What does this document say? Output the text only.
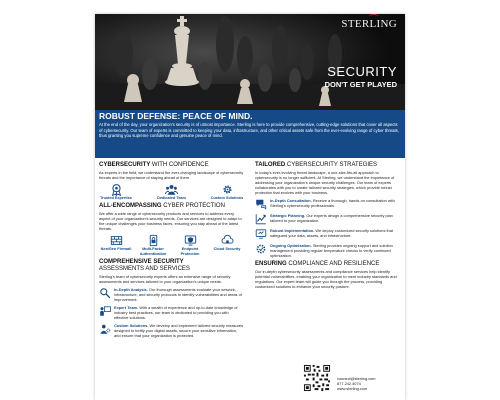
STERLING
SECURITY
DON'T GET PLAYED
ROBUST DEFENSE: PEACE OF MIND.
At the end of the day, your organization's security is of utmost importance. Sterling is here to provide comprehensive, cutting-edge solutions that cover all aspects of cybersecurity. Our team of experts is committed to keeping your data, infrastructure, and other critical assets safe from the ever-evolving range of cyber threats, thus granting you supreme confidence and genuine peace of mind.
CYBERSECURITY WITH CONFIDENCE
As experts in the field, we understand the ever-changing landscape of cybersecurity threats and the importance of staying ahead of them.
Trusted Expertise	Dedicated Team	Custom Solutions
ALL-ENCOMPASSING CYBER PROTECTION
We offer a wide range of cybersecurity products and services to address every aspect of your organization's security needs. Our services are designed to adapt to the unique challenges your business faces, ensuring you stay ahead of the latest threats.
NextGen Firewall	Multi-Factor Authentication
Endpoint Protection
Cloud Security
COMPREHENSIVE SECURITY
ASSESSMENTS AND SERVICES
Sterling's team of cybersecurity experts offers an extensive range of security assessments and services tailored to your organization's unique needs.
In-Depth Analysis. Our thorough assessments evaluate your network, infrastructure, and security protocols to identify vulnerabilities and areas of improvement.
Expert Team. With a wealth of experience and up-to-date knowledge of industry best practices, our team is dedicated to providing you with effective solutions.
Custom Solutions. We develop and implement tailored security measures designed to fortify your digital assets, secure your sensitive information, and ensure that your organization is protected.
TAILORED CYBERSECURITY STRATEGIES
In today's ever-evolving threat landscape, a one-size-fits-all approach to cybersecurity is no longer sufficient. At Sterling, we understand the importance of addressing your organization's unique security challenges. Our team of experts collaborates with you to create tailored security strategies, which provide robust protection that evolves with your business.
In-Depth Consultation. Receive a thorough, hands-on consultation with Sterling's cybersecurity professionals.
Strategic Planning. Our experts design a comprehensive security plan tailored to your organization.
Robust Implementation. We deploy customized security solutions that safeguard your data, assets, and infrastructure.
Ongoing Optimization. Sterling provides ongoing support and solution management providing regular temperature checks to verify continued optimization.
ENSURING COMPLIANCE AND RESILIENCE
Our in-depth cybersecurity assessments and compliance services help identify potential vulnerabilities, enabling your organization to meet industry standards and regulations. Our expert team will guide you through the process, providing customized solutions to enhance your security posture.
connect@sterling.com
877.242.4074
www.sterling.com
